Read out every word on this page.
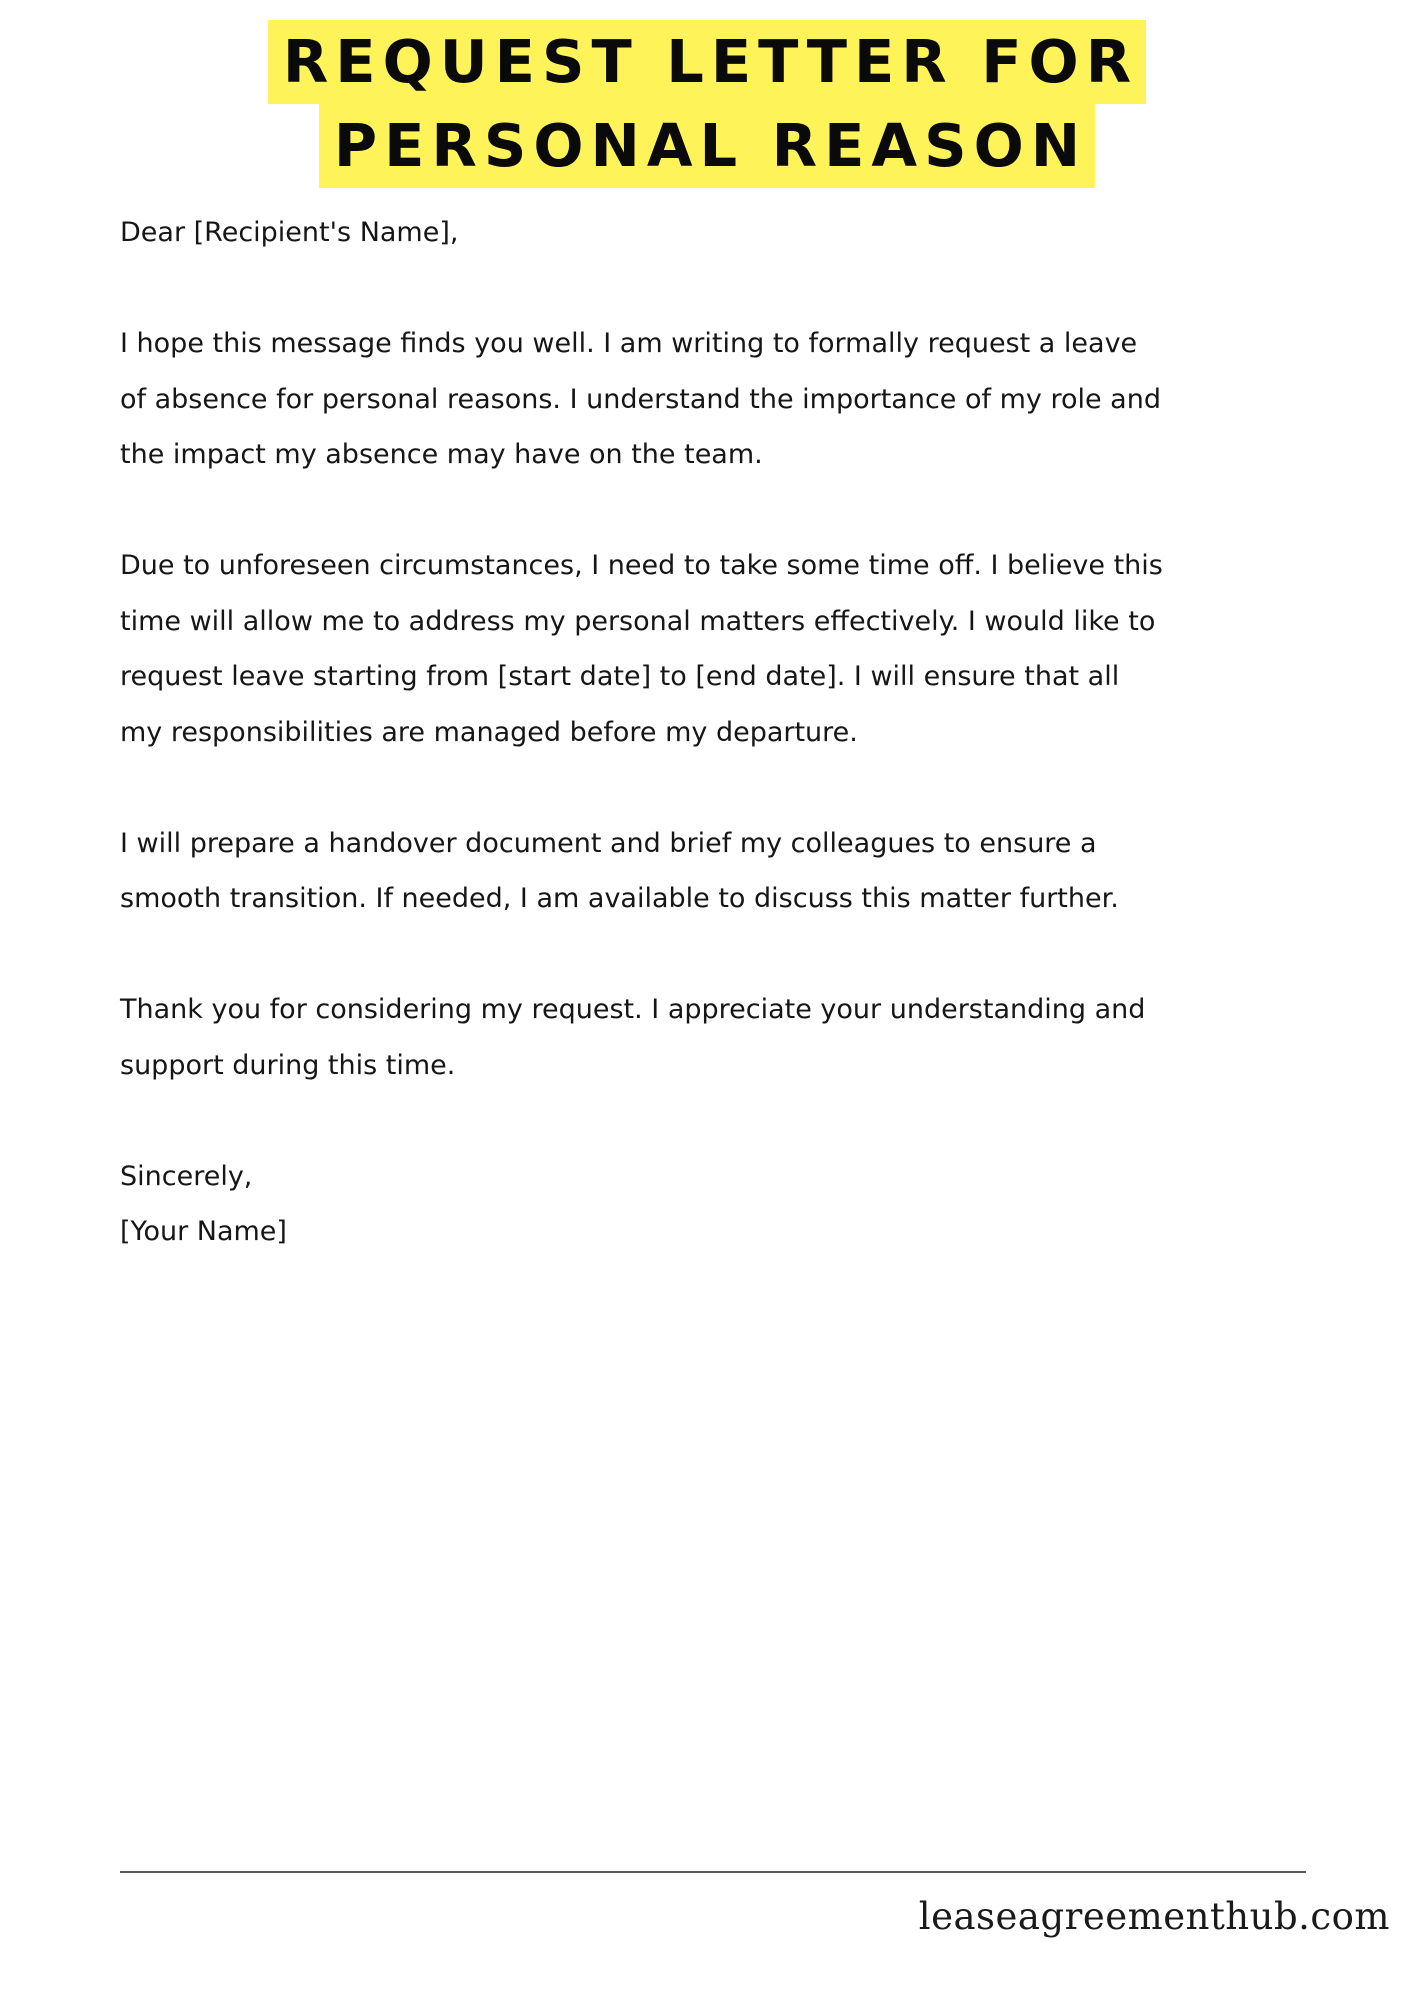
REQUEST LETTER FOR
PERSONAL REASON

Dear [Recipient's Name],

I hope this message finds you well. I am writing to formally request a leave
of absence for personal reasons. I understand the importance of my role and
the impact my absence may have on the team.

Due to unforeseen circumstances, I need to take some time off. I believe this
time will allow me to address my personal matters effectively. I would like to
request leave starting from [start date] to [end date]. I will ensure that all
my responsibilities are managed before my departure.

I will prepare a handover document and brief my colleagues to ensure a
smooth transition. If needed, I am available to discuss this matter further.

Thank you for considering my request. I appreciate your understanding and
support during this time.

Sincerely,
[Your Name]
leaseagreementhub.com
